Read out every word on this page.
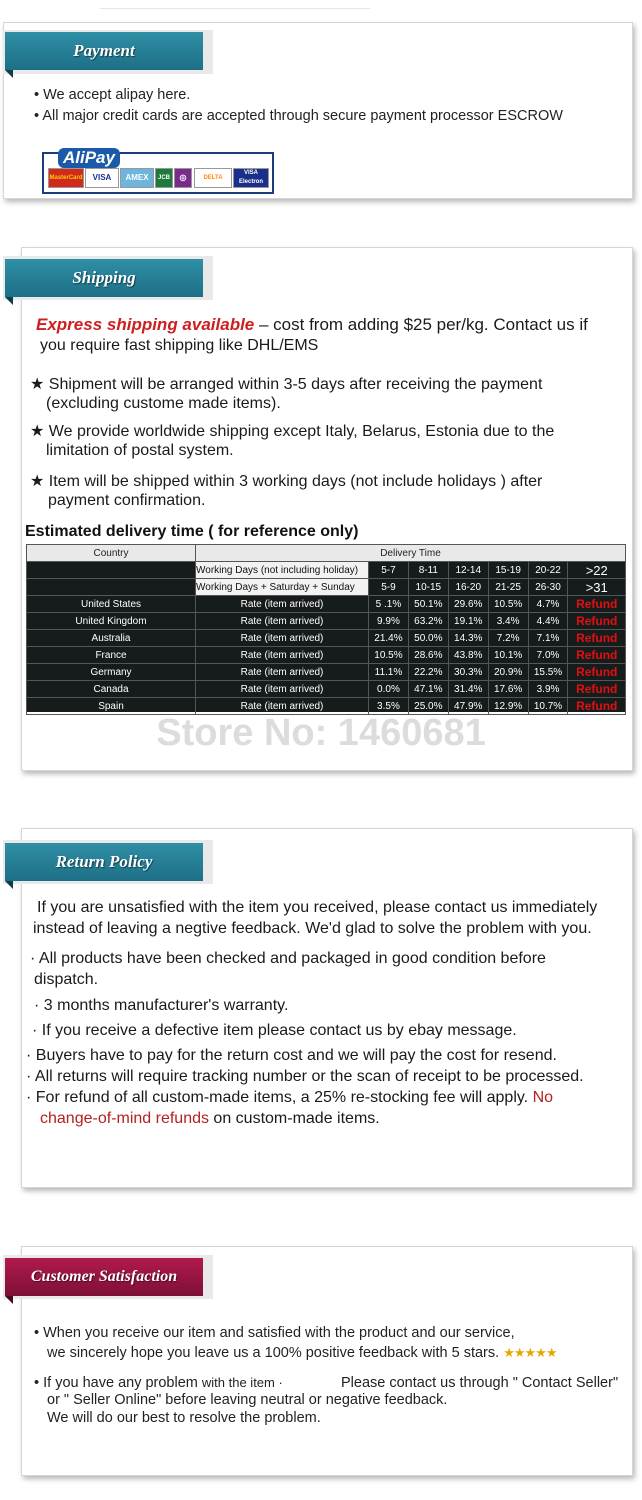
Payment
• We accept alipay here.
• All major credit cards are accepted through secure payment processor ESCROW
AliPay
MasterCard	VISA	AMEX	JCB	◎	DELTA
VISA Electron
Shipping
Express shipping available – cost from adding $25 per/kg. Contact us if
you require fast shipping like DHL/EMS
★ Shipment will be arranged within 3-5 days after receiving the payment
(excluding custome made items).
★ We provide worldwide shipping except Italy, Belarus, Estonia due to the
limitation of postal system.
★ Item will be shipped within 3 working days (not include holidays ) after
payment confirmation.
Estimated delivery time ( for reference only)
Country	Delivery Time						
	Working Days (not including holiday)	5-7	8-11	12-14	15-19	20-22	>22
	Working Days + Saturday + Sunday	5-9	10-15	16-20	21-25	26-30	>31
United States	Rate (item arrived)	5 .1%	50.1%	29.6%	10.5%	4.7%	Refund
United Kingdom	Rate (item arrived)	9.9%	63.2%	19.1%	3.4%	4.4%	Refund
Australia	Rate (item arrived)	21.4%	50.0%	14.3%	7.2%	7.1%	Refund
France	Rate (item arrived)	10.5%	28.6%	43.8%	10.1%	7.0%	Refund
Germany	Rate (item arrived)	11.1%	22.2%	30.3%	20.9%	15.5%	Refund
Canada	Rate (item arrived)	0.0%	47.1%	31.4%	17.6%	3.9%	Refund
Spain	Rate (item arrived)	3.5%	25.0%	47.9%	12.9%	10.7%	Refund
Store No: 1460681
Return Policy
If you are unsatisfied with the item you received, please contact us immediately
instead of leaving a negtive feedback. We'd glad to solve the problem with you.
· All products have been checked and packaged in good condition before
dispatch.
· 3 months manufacturer's warranty.
· If you receive a defective item please contact us by ebay message.
· Buyers have to pay for the return cost and we will pay the cost for resend.
· All returns will require tracking number or the scan of receipt to be processed.
· For refund of all custom-made items, a 25% re-stocking fee will apply. No
change-of-mind refunds on custom-made items.
Customer Satisfaction
• When you receive our item and satisfied with the product and our service,
we sincerely hope you leave us a 100% positive feedback with 5 stars. ★★★★★
• If you have any problem with the item ·	Please contact us through " Contact Seller"
or " Seller Online" before leaving neutral or negative feedback.
We will do our best to resolve the problem.
